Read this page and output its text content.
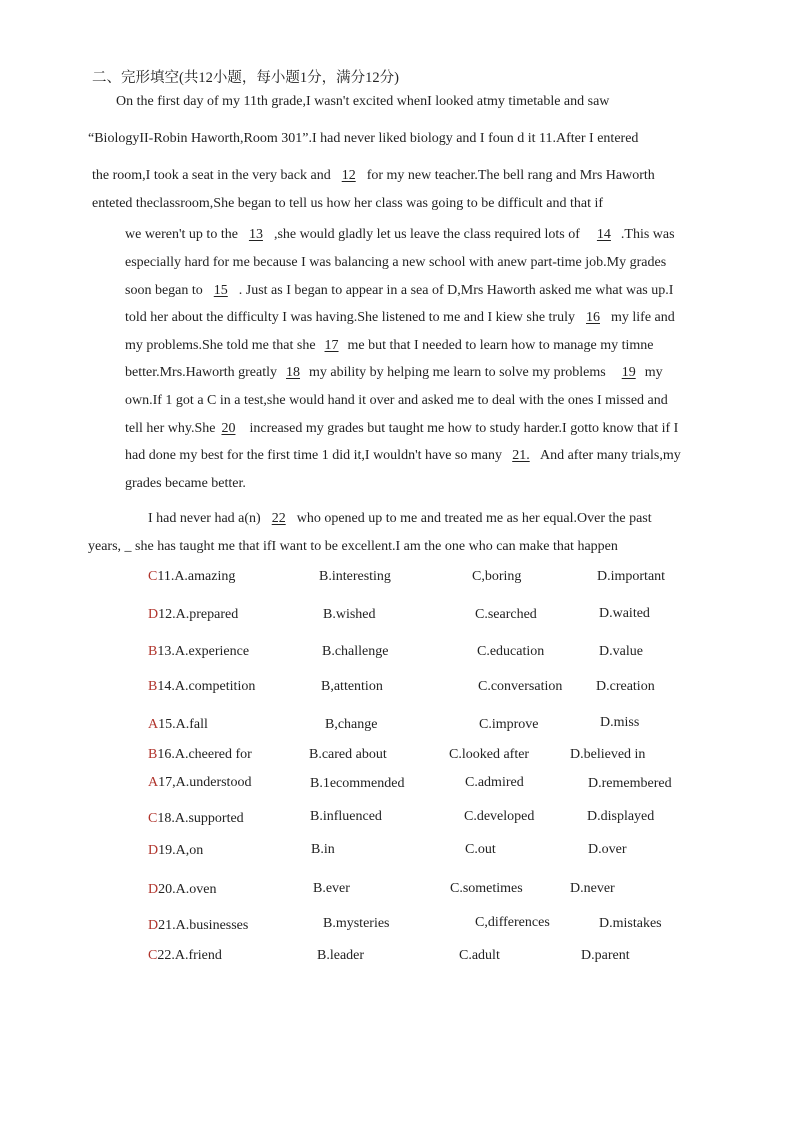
二、完形填空(共12小题，每小题1分，满分12分)
On the first day of my 11th grade,I wasn't excited whenI looked atmy timetable and saw
“BiologyII-Robin Haworth,Room 301”.I had never liked biology and I foun d it 11.After I entered
the room,I took a seat in the very back and 12 for my new teacher.The bell rang and Mrs Haworth
enteted theclassroom,She began to tell us how her class was going to be difficult and that if
we weren't up to the 13 ,she would gladly let us leave the class required lots of 14 .This was
especially hard for me because I was balancing a new school with anew part-time job.My grades
soon began to 15 . Just as I began to appear in a sea of D,Mrs Haworth asked me what was up.I
told her about the difficulty I was having.She listened to me and I kiew she truly 16 my life and
my problems.She told me that she 17 me but that I needed to learn how to manage my timne
better.Mrs.Haworth greatly 18 my ability by helping me learn to solve my problems 19 my
own.If 1 got a C in a test,she would hand it over and asked me to deal with the ones I missed and
tell her why.She 20 increased my grades but taught me how to study harder.I gotto know that if I
had done my best for the first time 1 did it,I wouldn't have so many 21. And after many trials,my
grades became better.
I had never had a(n) 22 who opened up to me and treated me as her equal.Over the past
years, _ she has taught me that ifI want to be excellent.I am the one who can make that happen
C11.A.amazing	B.interesting	C,boring	D.important
D12.A.prepared	B.wished	C.searched	D.waited
B13.A.experience	B.challenge	C.education	D.value
B14.A.competition	B,attention	C.conversation D.creation
A15.A.fall	B,change	C.improve	D.miss
B16.A.cheered for	B.cared about	C.looked after	D.believed in
A17,A.understood	B.1ecommended	C.admired	D.remembered
C18.A.supported	B.influenced	C.developed	D.displayed
D19.A,on	B.in	C.out	D.over
D20.A.oven	B.ever	C.sometimes	D.never
D21.A.businesses	B.mysteries	C,differences	D.mistakes
C22.A.friend	B.leader	C.adult	D.parent
